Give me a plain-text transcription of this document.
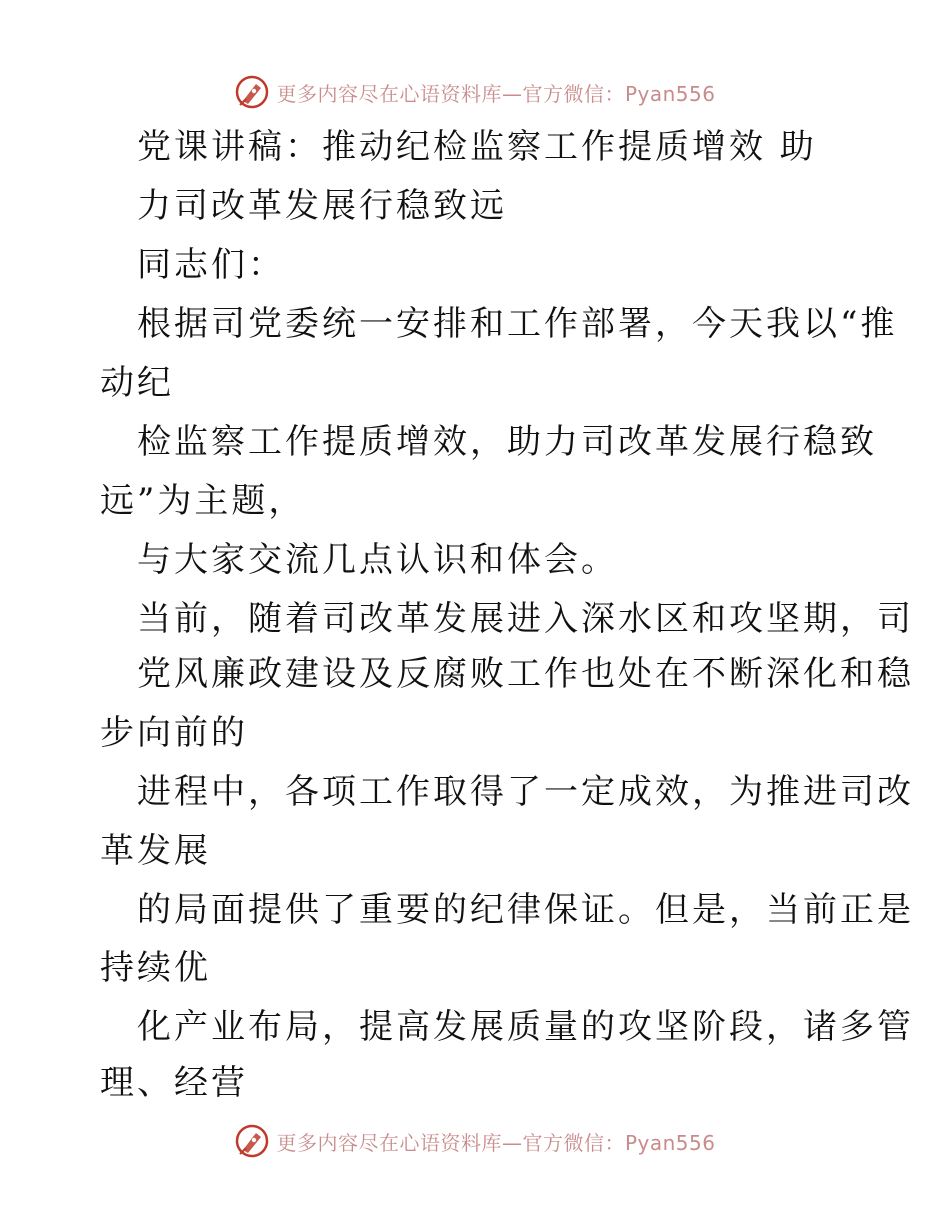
更多内容尽在心语资料库—官方微信：Pyan556
党课讲稿：推动纪检监察工作提质增效 助
力司改革发展行稳致远
同志们：
根据司党委统一安排和工作部署，今天我以“推
动纪
检监察工作提质增效，助力司改革发展行稳致
远”为主题，
与大家交流几点认识和体会。
当前，随着司改革发展进入深水区和攻坚期，司
党风廉政建设及反腐败工作也处在不断深化和稳
步向前的
进程中，各项工作取得了一定成效，为推进司改
革发展
的局面提供了重要的纪律保证。但是，当前正是
持续优
化产业布局，提高发展质量的攻坚阶段，诸多管
理、经营
更多内容尽在心语资料库—官方微信：Pyan556
